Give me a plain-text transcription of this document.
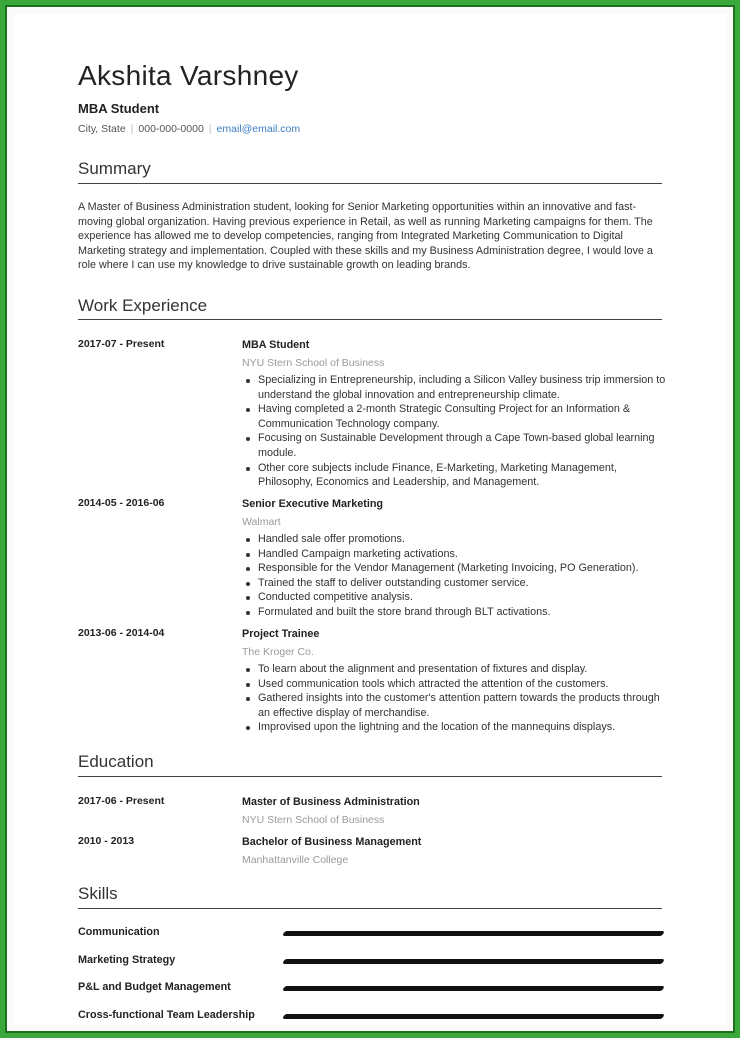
Akshita Varshney
MBA Student
City, State | 000-000-0000 | email@email.com
Summary
A Master of Business Administration student, looking for Senior Marketing opportunities within an innovative and fast-moving global organization. Having previous experience in Retail, as well as running Marketing campaigns for them. The experience has allowed me to develop competencies, ranging from Integrated Marketing Communication to Digital Marketing strategy and implementation. Coupled with these skills and my Business Administration degree, I would love a role where I can use my knowledge to drive sustainable growth on leading brands.
Work Experience
2017-07 - Present	MBA Student
NYU Stern School of Business
Specializing in Entrepreneurship, including a Silicon Valley business trip immersion to understand the global innovation and entrepreneurship climate.
Having completed a 2-month Strategic Consulting Project for an Information & Communication Technology company.
Focusing on Sustainable Development through a Cape Town-based global learning module.
Other core subjects include Finance, E-Marketing, Marketing Management, Philosophy, Economics and Leadership, and Management.
2014-05 - 2016-06	Senior Executive Marketing
Walmart
Handled sale offer promotions.
Handled Campaign marketing activations.
Responsible for the Vendor Management (Marketing Invoicing, PO Generation).
Trained the staff to deliver outstanding customer service.
Conducted competitive analysis.
Formulated and built the store brand through BLT activations.
2013-06 - 2014-04	Project Trainee
The Kroger Co.
To learn about the alignment and presentation of fixtures and display.
Used communication tools which attracted the attention of the customers.
Gathered insights into the customer's attention pattern towards the products through an effective display of merchandise.
Improvised upon the lightning and the location of the mannequins displays.
Education
2017-06 - Present	Master of Business Administration
NYU Stern School of Business
2010 - 2013	Bachelor of Business Management
Manhattanville College
Skills
Communication
Marketing Strategy
P&L and Budget Management
Cross-functional Team Leadership
